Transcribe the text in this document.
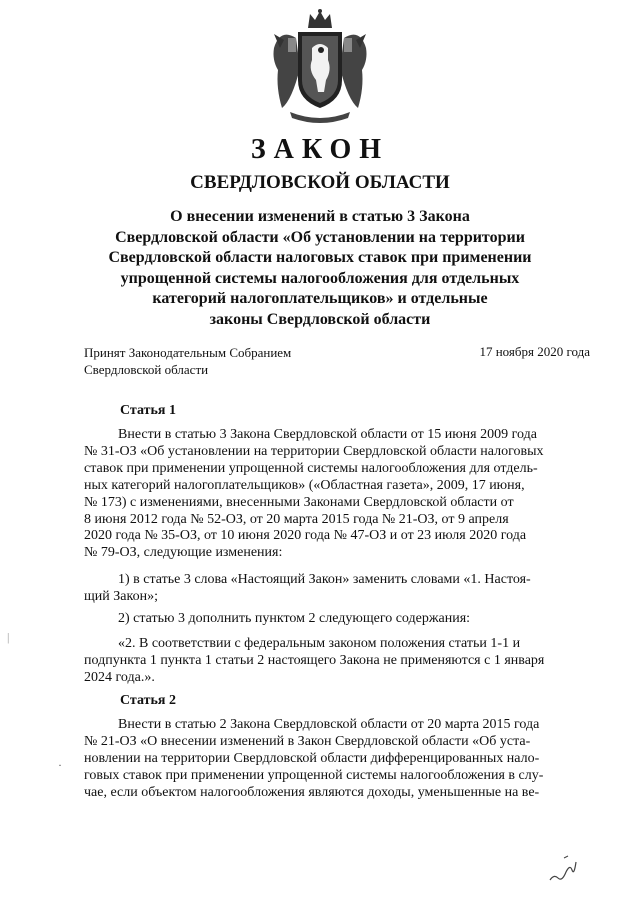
ЗАКОН
СВЕРДЛОВСКОЙ ОБЛАСТИ
О внесении изменений в статью 3 Закона
Свердловской области «Об установлении на территории
Свердловской области налоговых ставок при применении
упрощенной системы налогообложения для отдельных
категорий налогоплательщиков» и отдельные
законы Свердловской области
Принят Законодательным Собранием
Свердловской области
17 ноября 2020 года
Статья 1
Внести в статью 3 Закона Свердловской области от 15 июня 2009 года
№ 31-ОЗ «Об установлении на территории Свердловской области налоговых
ставок при применении упрощенной системы налогообложения для отдель-
ных категорий налогоплательщиков» («Областная газета», 2009, 17 июня,
№ 173) с изменениями, внесенными Законами Свердловской области от
8 июня 2012 года № 52-ОЗ, от 20 марта 2015 года № 21-ОЗ, от 9 апреля
2020 года № 35-ОЗ, от 10 июня 2020 года № 47-ОЗ и от 23 июля 2020 года
№ 79-ОЗ, следующие изменения:
1) в статье 3 слова «Настоящий Закон» заменить словами «1. Настоя-
щий Закон»;
2) статью 3 дополнить пунктом 2 следующего содержания:
«2. В соответствии с федеральным законом положения статьи 1-1 и
подпункта 1 пункта 1 статьи 2 настоящего Закона не применяются с 1 января
2024 года.».
Статья 2
Внести в статью 2 Закона Свердловской области от 20 марта 2015 года
№ 21-ОЗ «О внесении изменений в Закон Свердловской области «Об уста-
новлении на территории Свердловской области дифференцированных нало-
говых ставок при применении упрощенной системы налогообложения в слу-
чае, если объектом налогообложения являются доходы, уменьшенные на ве-
·
|
